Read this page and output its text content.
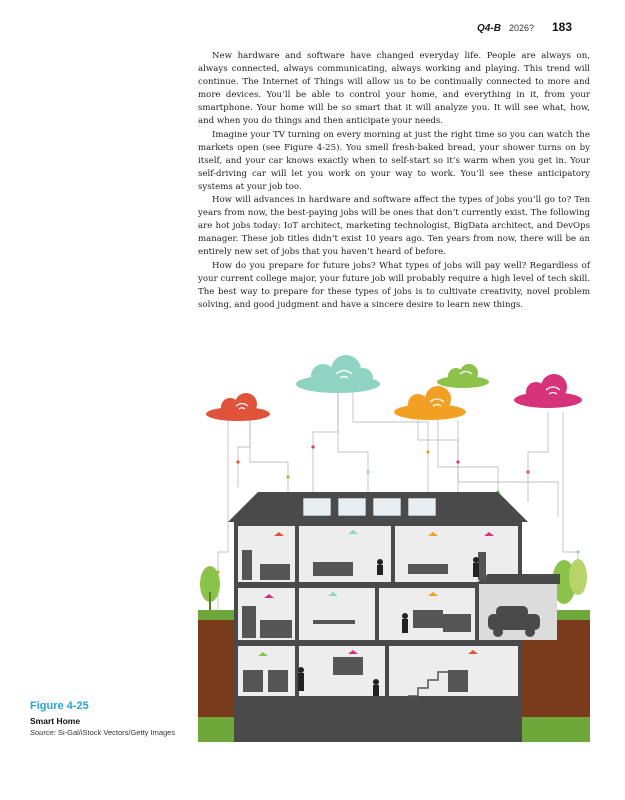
Q4-B 2026? 183

New hardware and software have changed everyday life. People are always on, always connected, always communicating, always working and playing. This trend will continue. The Internet of Things will allow us to be continually connected to more and more devices. You’ll be able to control your home, and everything in it, from your smartphone. Your home will be so smart that it will analyze you. It will see what, how, and when you do things and then anticipate your needs.

Imagine your TV turning on every morning at just the right time so you can watch the markets open (see Figure 4-25). You smell fresh-baked bread, your shower turns on by itself, and your car knows exactly when to self-start so it’s warm when you get in. Your self-driving car will let you work on your way to work. You’ll see these anticipatory systems at your job too.

How will advances in hardware and software affect the types of jobs you’ll go to? Ten years from now, the best-paying jobs will be ones that don’t currently exist. The following are hot jobs today: IoT architect, marketing technologist, BigData architect, and DevOps manager. These job titles didn’t exist 10 years ago. Ten years from now, there will be an entirely new set of jobs that you haven’t heard of before.

How do you prepare for future jobs? What types of jobs will pay well? Regardless of your current college major, your future job will probably require a high level of tech skill. The best way to prepare for these types of jobs is to cultivate creativity, novel problem solving, and good judgment and have a sincere desire to learn new things.

Figure 4-25
Smart Home
Source: Si-Gal/iStock Vectors/Getty Images
